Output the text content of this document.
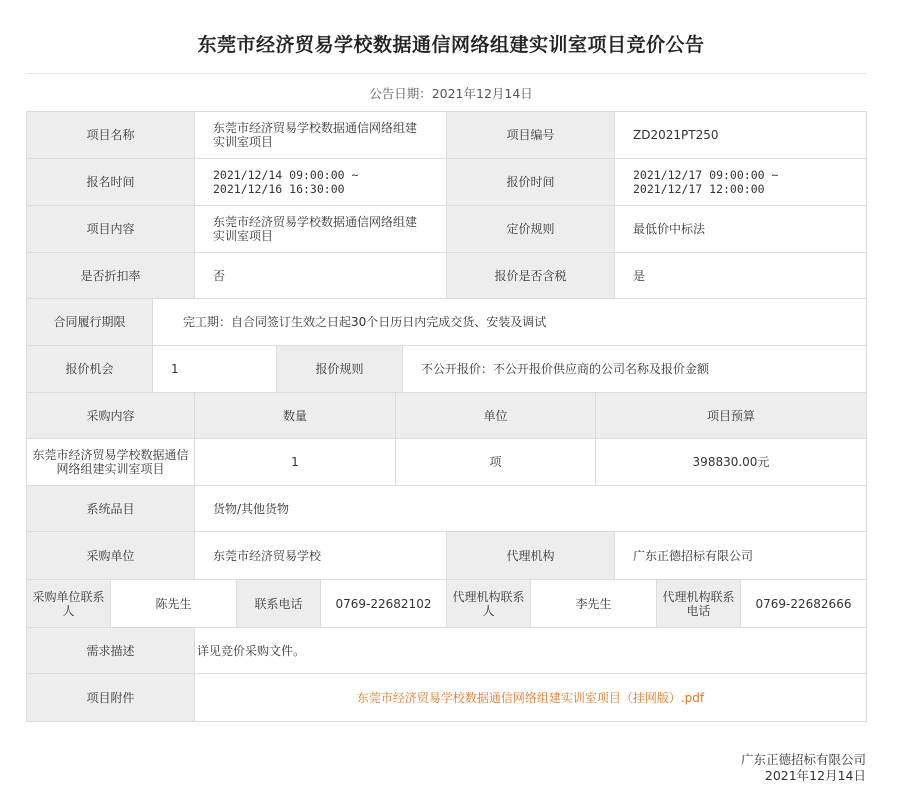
东莞市经济贸易学校数据通信网络组建实训室项目竞价公告
公告日期：2021年12月14日
项目名称	东莞市经济贸易学校数据通信网络组建实训室项目	项目编号	ZD2021PT250
报名时间	2021/12/14 09:00:00 ~
2021/12/16 16:30:00	报价时间	2021/12/17 09:00:00 ~
2021/12/17 12:00:00
项目内容	东莞市经济贸易学校数据通信网络组建实训室项目	定价规则	最低价中标法
是否折扣率	否	报价是否含税	是
合同履行期限	完工期：自合同签订生效之日起30个日历日内完成交货、安装及调试
报价机会	1	报价规则	不公开报价：不公开报价供应商的公司名称及报价金额
采购内容	数量	单位	项目预算
东莞市经济贸易学校数据通信网络组建实训室项目	1	项	398830.00元
系统品目	货物/其他货物
采购单位	东莞市经济贸易学校	代理机构	广东正德招标有限公司
采购单位联系人	陈先生	联系电话	0769-22682102	代理机构联系人	李先生	代理机构联系电话	0769-22682666
需求描述	详见竞价采购文件。
项目附件	东莞市经济贸易学校数据通信网络组建实训室项目（挂网版）.pdf
广东正德招标有限公司
2021年12月14日
